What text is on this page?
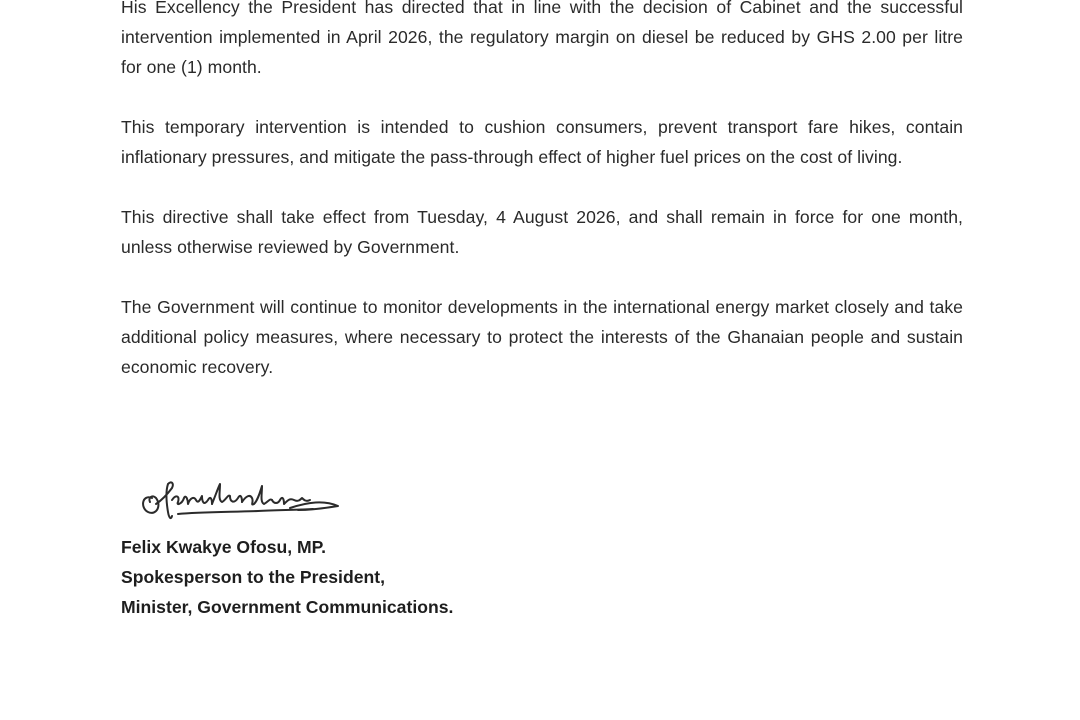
His Excellency the President has directed that in line with the decision of Cabinet and the successful intervention implemented in April 2026, the regulatory margin on diesel be reduced by GHS 2.00 per litre for one (1) month.

This temporary intervention is intended to cushion consumers, prevent transport fare hikes, contain inflationary pressures, and mitigate the pass-through effect of higher fuel prices on the cost of living.

This directive shall take effect from Tuesday, 4 August 2026, and shall remain in force for one month, unless otherwise reviewed by Government.

The Government will continue to monitor developments in the international energy market closely and take additional policy measures, where necessary to protect the interests of the Ghanaian people and sustain economic recovery.

Felix Kwakye Ofosu, MP.
Spokesperson to the President,
Minister, Government Communications.
